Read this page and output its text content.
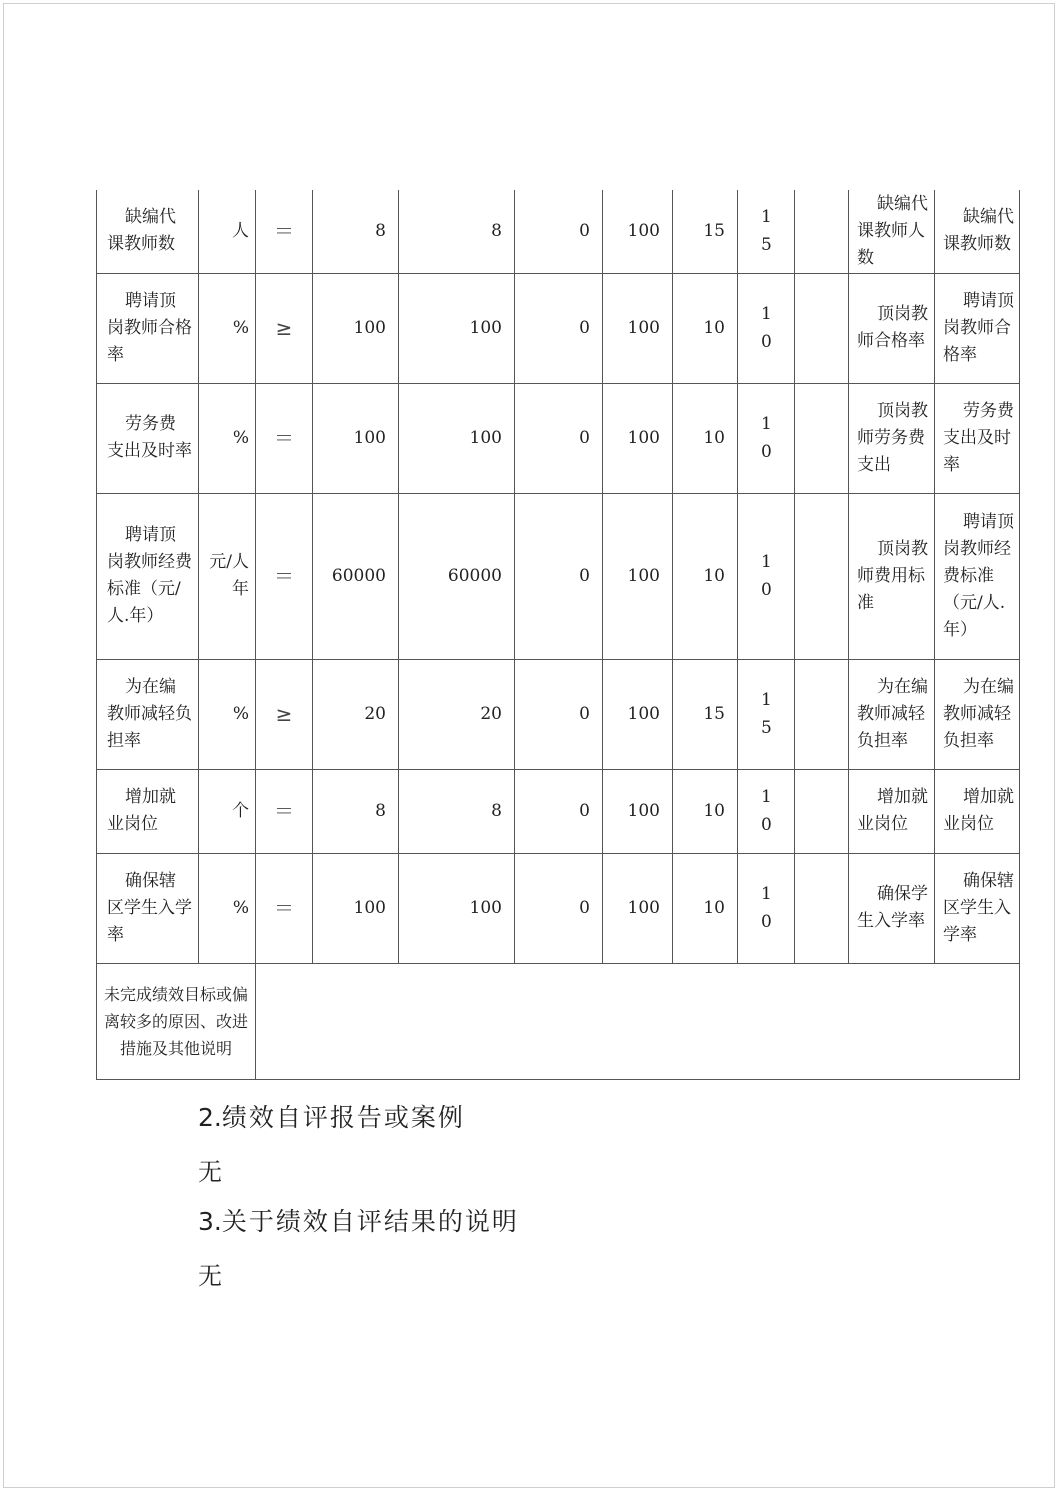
缺编代课教师数	人	＝	8	8	0	100	15	15		缺编代课教师人数	缺编代课教师数
聘请顶岗教师合格率	%	≥	100	100	0	100	10	10		顶岗教师合格率	聘请顶岗教师合格率
劳务费支出及时率	%	＝	100	100	0	100	10	10		顶岗教师劳务费支出	劳务费支出及时率
聘请顶岗教师经费标准（元/人.年）	元/人年	＝	60000	60000	0	100	10	10		顶岗教师费用标准	聘请顶岗教师经费标准（元/人.年）
为在编教师减轻负担率	%	≥	20	20	0	100	15	15		为在编教师减轻负担率	为在编教师减轻负担率
增加就业岗位	个	＝	8	8	0	100	10	10		增加就业岗位	增加就业岗位
确保辖区学生入学率	%	＝	100	100	0	100	10	10		确保学生入学率	确保辖区学生入学率
未完成绩效目标或偏离较多的原因、改进措施及其他说明											
2.绩效自评报告或案例
无
3.关于绩效自评结果的说明
无
